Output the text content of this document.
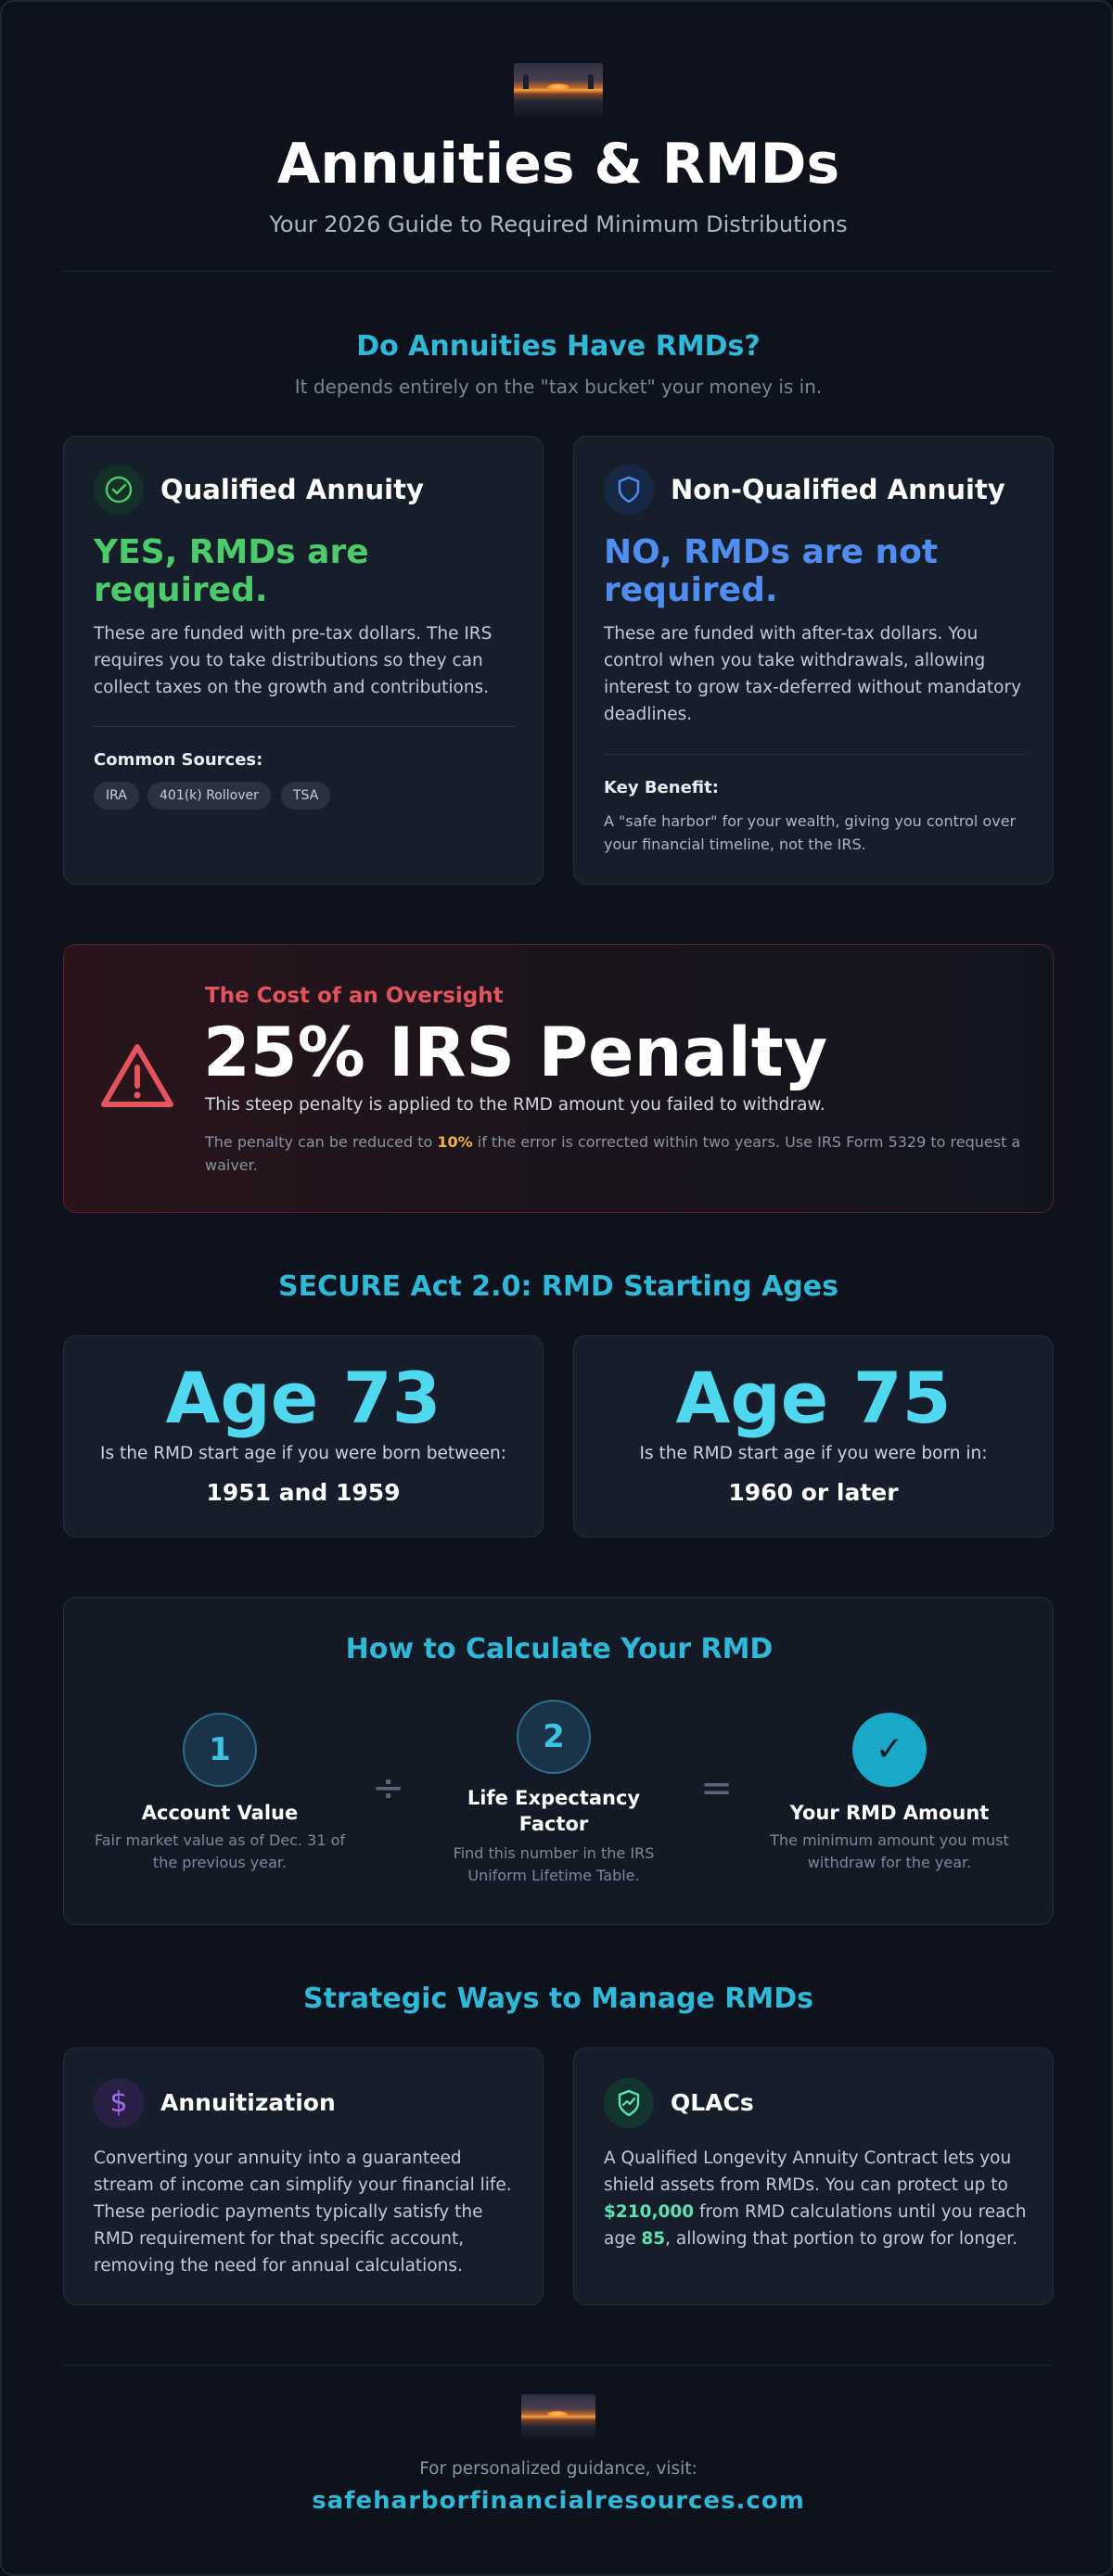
Annuities & RMDs
Your 2026 Guide to Required Minimum Distributions
Do Annuities Have RMDs?
It depends entirely on the "tax bucket" your money is in.
Qualified Annuity
YES, RMDs are
required.
These are funded with pre-tax dollars. The IRS requires you to take distributions so they can collect taxes on the growth and contributions.
Common Sources:
IRA	401(k) Rollover	TSA
Non-Qualified Annuity
NO, RMDs are not
required.
These are funded with after-tax dollars. You control when you take withdrawals, allowing interest to grow tax-deferred without mandatory deadlines.
Key Benefit:
A "safe harbor" for your wealth, giving you control over your financial timeline, not the IRS.
The Cost of an Oversight
25% IRS Penalty
This steep penalty is applied to the RMD amount you failed to withdraw.
The penalty can be reduced to 10% if the error is corrected within two years. Use IRS Form 5329 to request a waiver.
SECURE Act 2.0: RMD Starting Ages
Age 73
Is the RMD start age if you were born between:
1951 and 1959
Age 75
Is the RMD start age if you were born in:
1960 or later
How to Calculate Your RMD
1
Account Value
Fair market value as of Dec. 31 of the previous year.
÷
2
Life Expectancy Factor
Find this number in the IRS Uniform Lifetime Table.
=
✓
Your RMD Amount
The minimum amount you must withdraw for the year.
Strategic Ways to Manage RMDs
$	Annuitization
Converting your annuity into a guaranteed stream of income can simplify your financial life. These periodic payments typically satisfy the RMD requirement for that specific account, removing the need for annual calculations.
QLACs
A Qualified Longevity Annuity Contract lets you shield assets from RMDs. You can protect up to $210,000 from RMD calculations until you reach age 85, allowing that portion to grow for longer.
For personalized guidance, visit:
safeharborfinancialresources.com
